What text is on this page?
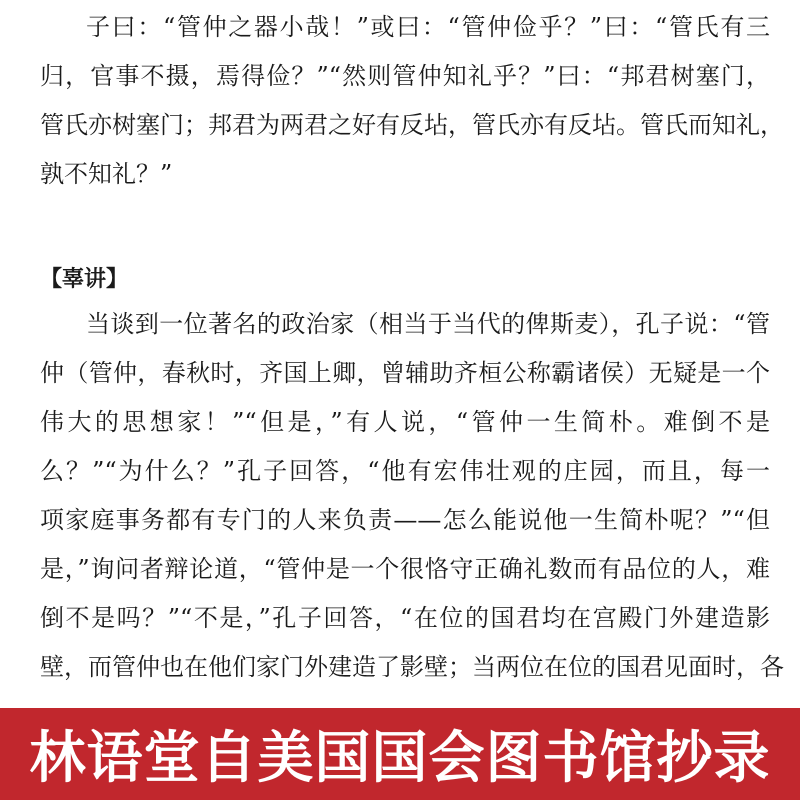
子曰：“管仲之器小哉！”或曰：“管仲俭乎？”曰：“管氏有三
归，官事不摄，焉得俭？”“然则管仲知礼乎？”曰：“邦君树塞门，
管氏亦树塞门；邦君为两君之好有反坫，管氏亦有反坫。管氏而知礼，
孰不知礼？”
【辜讲】
当谈到一位著名的政治家（相当于当代的俾斯麦），孔子说：“管
仲（管仲，春秋时，齐国上卿，曾辅助齐桓公称霸诸侯）无疑是一个
伟大的思想家！”“但是，”有人说，“管仲一生简朴。难倒不是
么？”“为什么？”孔子回答，“他有宏伟壮观的庄园，而且，每一
项家庭事务都有专门的人来负责——怎么能说他一生简朴呢？”“但
是，”询问者辩论道，“管仲是一个很恪守正确礼数而有品位的人，难
倒不是吗？”“不是，”孔子回答，“在位的国君均在宫殿门外建造影
壁，而管仲也在他们家门外建造了影壁；当两位在位的国君见面时，各
林语堂自美国国会图书馆抄录
